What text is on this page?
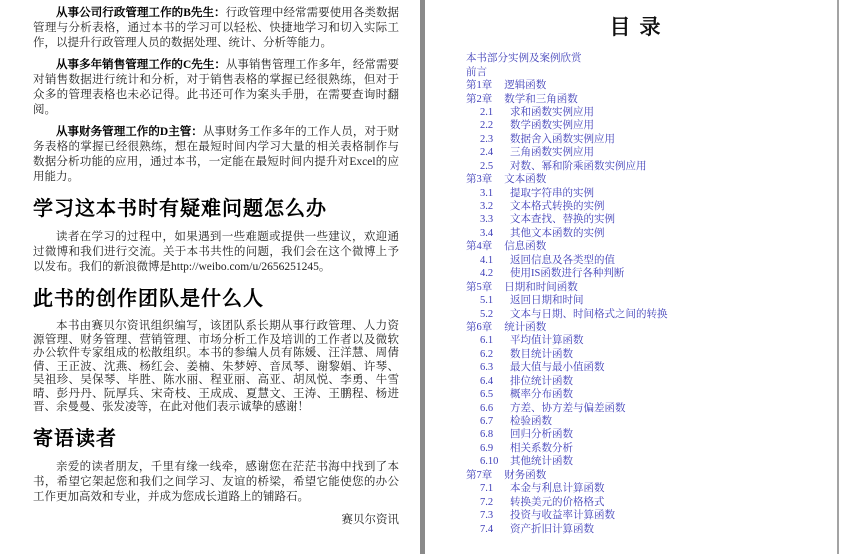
从事公司行政管理工作的B先生：行政管理中经常需要使用各类数据管理与分析表格，通过本书的学习可以轻松、快捷地学习和切入实际工作，以提升行政管理人员的数据处理、统计、分析等能力。

从事多年销售管理工作的C先生：从事销售管理工作多年，经常需要对销售数据进行统计和分析，对于销售表格的掌握已经很熟练，但对于众多的管理表格也未必记得。此书还可作为案头手册，在需要查询时翻阅。

从事财务管理工作的D主管：从事财务工作多年的工作人员，对于财务表格的掌握已经很熟练，想在最短时间内学习大量的相关表格制作与数据分析功能的应用，通过本书，一定能在最短时间内提升对Excel的应用能力。

学习这本书时有疑难问题怎么办

读者在学习的过程中，如果遇到一些难题或提供一些建议，欢迎通过微博和我们进行交流。关于本书共性的问题，我们会在这个微博上予以发布。我们的新浪微博是http://weibo.com/u/2656251245。

此书的创作团队是什么人

本书由赛贝尔资讯组织编写，该团队系长期从事行政管理、人力资源管理、财务管理、营销管理、市场分析工作及培训的工作者以及微软办公软件专家组成的松散组织。本书的参编人员有陈媛、汪洋慧、周倩倩、王正波、沈燕、杨红会、姜楠、朱梦婷、音凤琴、谢黎娟、许琴、吴祖珍、吴保琴、毕胜、陈水丽、程亚丽、高亚、胡凤悦、李勇、牛雪晴、彭丹丹、阮厚兵、宋奇枝、王成成、夏慧文、王涛、王鹏程、杨进晋、余曼曼、张发凌等，在此对他们表示诚挚的感谢！

寄语读者

亲爱的读者朋友，千里有缘一线牵，感谢您在茫茫书海中找到了本书，希望它架起您和我们之间学习、友谊的桥梁，希望它能使您的办公工作更加高效和专业，并成为您成长道路上的铺路石。

赛贝尔资讯

目录
本书部分实例及案例欣赏
前言
第1章 逻辑函数
第2章 数学和三角函数
2.1	求和函数实例应用
2.2	数学函数实例应用
2.3	数据舍入函数实例应用
2.4	三角函数实例应用
2.5	对数、幂和阶乘函数实例应用
第3章 文本函数
3.1	提取字符串的实例
3.2	文本格式转换的实例
3.3	文本查找、替换的实例
3.4	其他文本函数的实例
第4章 信息函数
4.1	返回信息及各类型的值
4.2	使用IS函数进行各种判断
第5章 日期和时间函数
5.1	返回日期和时间
5.2	文本与日期、时间格式之间的转换
第6章 统计函数
6.1	平均值计算函数
6.2	数目统计函数
6.3	最大值与最小值函数
6.4	排位统计函数
6.5	概率分布函数
6.6	方差、协方差与偏差函数
6.7	检验函数
6.8	回归分析函数
6.9	相关系数分析
6.10	其他统计函数
第7章 财务函数
7.1	本金与利息计算函数
7.2	转换美元的价格格式
7.3	投资与收益率计算函数
7.4	资产折旧计算函数
